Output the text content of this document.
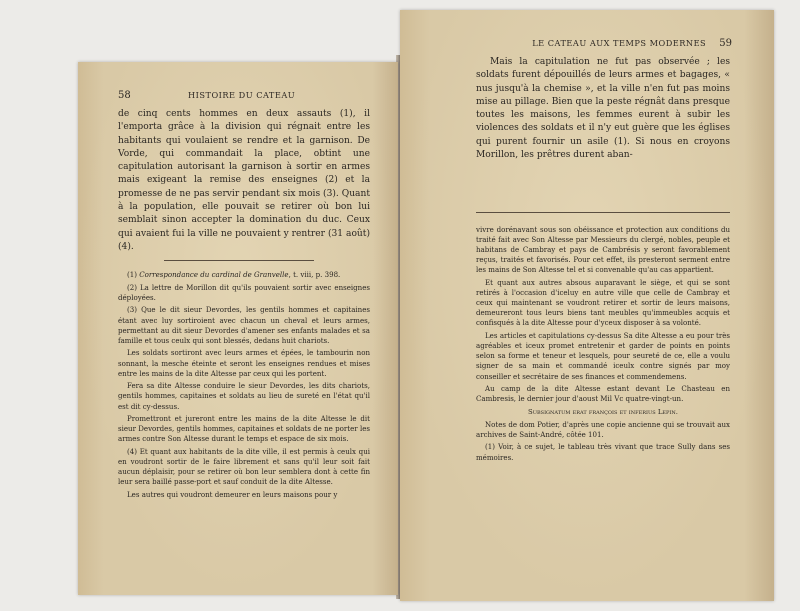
58	HISTOIRE DU CATEAU

de cinq cents hommes en deux assauts (1), il l'emporta grâce à la division qui régnait entre les habitants qui voulaient se rendre et la garnison. De Vorde, qui commandait la place, obtint une capitulation autorisant la garnison à sortir en armes mais exigeant la remise des enseignes (2) et la promesse de ne pas servir pendant six mois (3). Quant à la population, elle pouvait se retirer où bon lui semblait sinon accepter la domination du duc. Ceux qui avaient fui la ville ne pouvaient y rentrer (31 août) (4).

(1) Correspondance du cardinal de Granvelle, t. viii, p. 398.

(2) La lettre de Morillon dit qu'ils pouvaient sortir avec enseignes déployées.

(3) Que le dit sieur Devordes, les gentils hommes et capitaines étant avec luy sortiroient avec chacun un cheval et leurs armes, permettant au dit sieur Devordes d'amener ses enfants malades et sa famille et tous ceulx qui sont blessés, dedans huit chariots.

Les soldats sortiront avec leurs armes et épées, le tambourin non sonnant, la mesche éteinte et seront les enseignes rendues et mises entre les mains de la dite Altesse par ceux qui les portent.

Fera sa dite Altesse conduire le sieur Devordes, les dits chariots, gentils hommes, capitaines et soldats au lieu de sureté en l'état qu'il est dit cy-dessus.

Promettront et jureront entre les mains de la dite Altesse le dit sieur Devordes, gentils hommes, capitaines et soldats de ne porter les armes contre Son Altesse durant le temps et espace de six mois.

(4) Et quant aux habitants de la dite ville, il est permis à ceulx qui en voudront sortir de le faire librement et sans qu'il leur soit fait aucun déplaisir, pour se retirer où bon leur semblera dont à cette fin leur sera baillé passe-port et sauf conduit de la dite Altesse.

Les autres qui voudront demeurer en leurs maisons pour y

LE CATEAU AUX TEMPS MODERNES 59

Mais la capitulation ne fut pas observée ; les soldats furent dépouillés de leurs armes et bagages, « nus jusqu'à la chemise », et la ville n'en fut pas moins mise au pillage. Bien que la peste régnât dans presque toutes les maisons, les femmes eurent à subir les violences des soldats et il n'y eut guère que les églises qui purent fournir un asile (1). Si nous en croyons Morillon, les prêtres durent aban-

vivre dorénavant sous son obéissance et protection aux conditions du traité fait avec Son Altesse par Messieurs du clergé, nobles, peuple et habitans de Cambray et pays de Cambrésis y seront favorablement reçus, traités et favorisés. Pour cet effet, ils presteront serment entre les mains de Son Altesse tel et si convenable qu'au cas appartient.

Et quant aux autres absous auparavant le siège, et qui se sont retirés à l'occasion d'iceluy en autre ville que celle de Cambray et ceux qui maintenant se voudront retirer et sortir de leurs maisons, demeureront tous leurs biens tant meubles qu'immeubles acquis et confisqués à la dite Altesse pour d'yceux disposer à sa volonté.

Les articles et capitulations cy-dessus Sa dite Altesse a eu pour très agréables et iceux promet entretenir et garder de points en points selon sa forme et teneur et lesquels, pour seureté de ce, elle a voulu signer de sa main et commandé iceulx contre signés par moy conseiller et secrétaire de ses finances et commendemens.

Au camp de la dite Altesse estant devant Le Chasteau en Cambresis, le dernier jour d'aoust Mil Vc quatre-vingt-un.

Subsignatum erat françois et inferius Lepin.

Notes de dom Potier, d'après une copie ancienne qui se trouvait aux archives de Saint-André, côtée 101.

(1) Voir, à ce sujet, le tableau très vivant que trace Sully dans ses mémoires.
